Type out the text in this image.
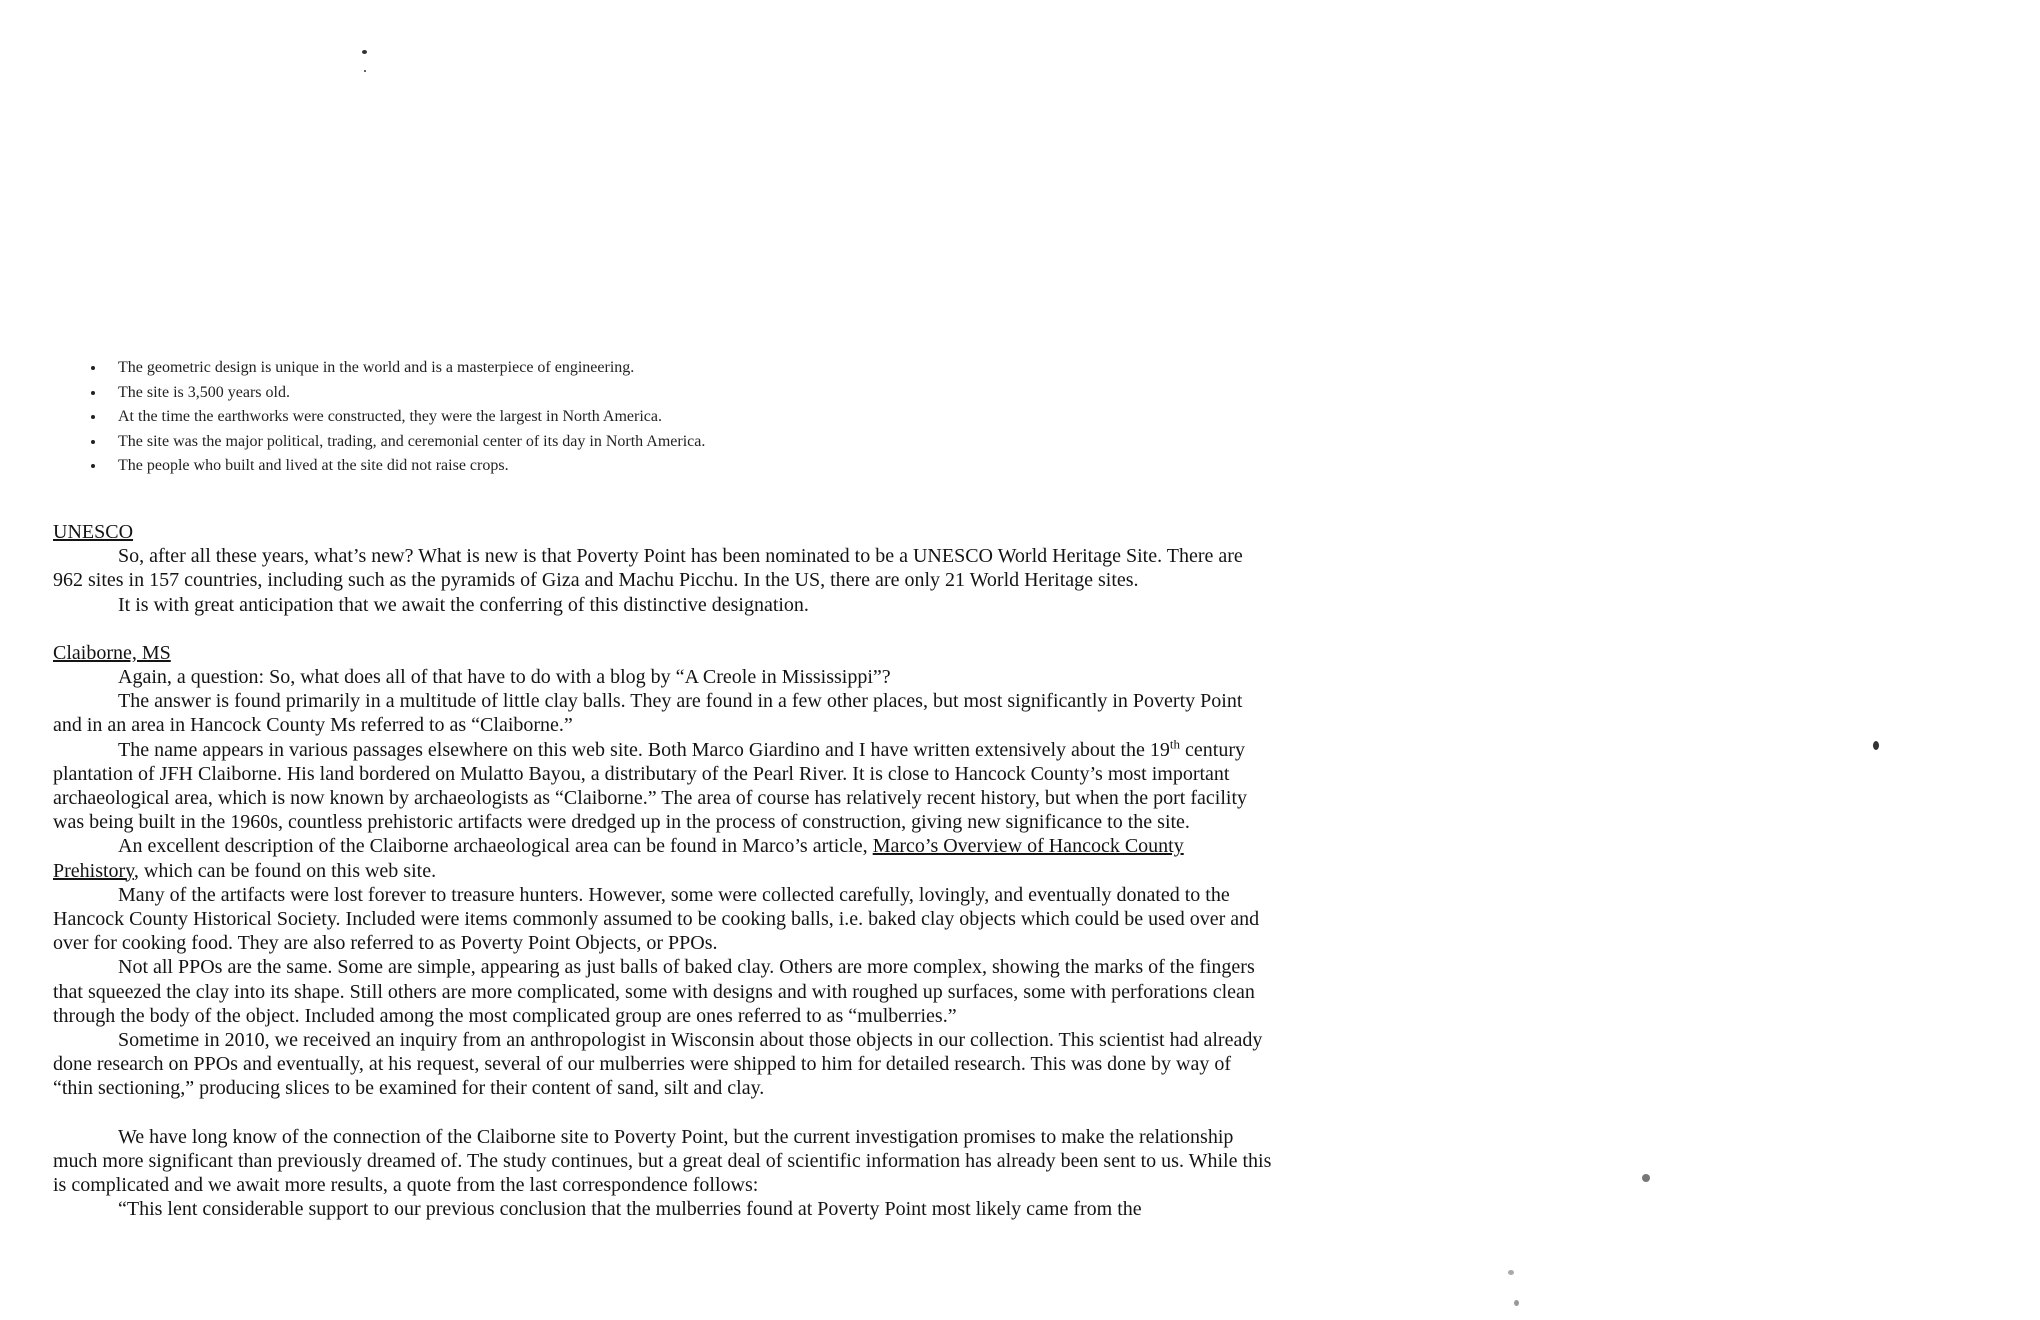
• The geometric design is unique in the world and is a masterpiece of engineering.
• The site is 3,500 years old.
• At the time the earthworks were constructed, they were the largest in North America.
• The site was the major political, trading, and ceremonial center of its day in North America.
• The people who built and lived at the site did not raise crops.

UNESCO

So, after all these years, what’s new? What is new is that Poverty Point has been nominated to be a UNESCO World Heritage Site. There are 962 sites in 157 countries, including such as the pyramids of Giza and Machu Picchu. In the US, there are only 21 World Heritage sites.

It is with great anticipation that we await the conferring of this distinctive designation.

Claiborne, MS

Again, a question: So, what does all of that have to do with a blog by “A Creole in Mississippi”?

The answer is found primarily in a multitude of little clay balls. They are found in a few other places, but most significantly in Poverty Point and in an area in Hancock County Ms referred to as “Claiborne.”

The name appears in various passages elsewhere on this web site. Both Marco Giardino and I have written extensively about the 19th century plantation of JFH Claiborne. His land bordered on Mulatto Bayou, a distributary of the Pearl River. It is close to Hancock County’s most important archaeological area, which is now known by archaeologists as “Claiborne.” The area of course has relatively recent history, but when the port facility was being built in the 1960s, countless prehistoric artifacts were dredged up in the process of construction, giving new significance to the site.

An excellent description of the Claiborne archaeological area can be found in Marco’s article, Marco’s Overview of Hancock County Prehistory, which can be found on this web site.

Many of the artifacts were lost forever to treasure hunters. However, some were collected carefully, lovingly, and eventually donated to the Hancock County Historical Society. Included were items commonly assumed to be cooking balls, i.e. baked clay objects which could be used over and over for cooking food. They are also referred to as Poverty Point Objects, or PPOs.

Not all PPOs are the same. Some are simple, appearing as just balls of baked clay. Others are more complex, showing the marks of the fingers that squeezed the clay into its shape. Still others are more complicated, some with designs and with roughed up surfaces, some with perforations clean through the body of the object. Included among the most complicated group are ones referred to as “mulberries.”

Sometime in 2010, we received an inquiry from an anthropologist in Wisconsin about those objects in our collection. This scientist had already done research on PPOs and eventually, at his request, several of our mulberries were shipped to him for detailed research. This was done by way of “thin sectioning,” producing slices to be examined for their content of sand, silt and clay.

We have long know of the connection of the Claiborne site to Poverty Point, but the current investigation promises to make the relationship much more significant than previously dreamed of. The study continues, but a great deal of scientific information has already been sent to us. While this is complicated and we await more results, a quote from the last correspondence follows:

“This lent considerable support to our previous conclusion that the mulberries found at Poverty Point most likely came from the
